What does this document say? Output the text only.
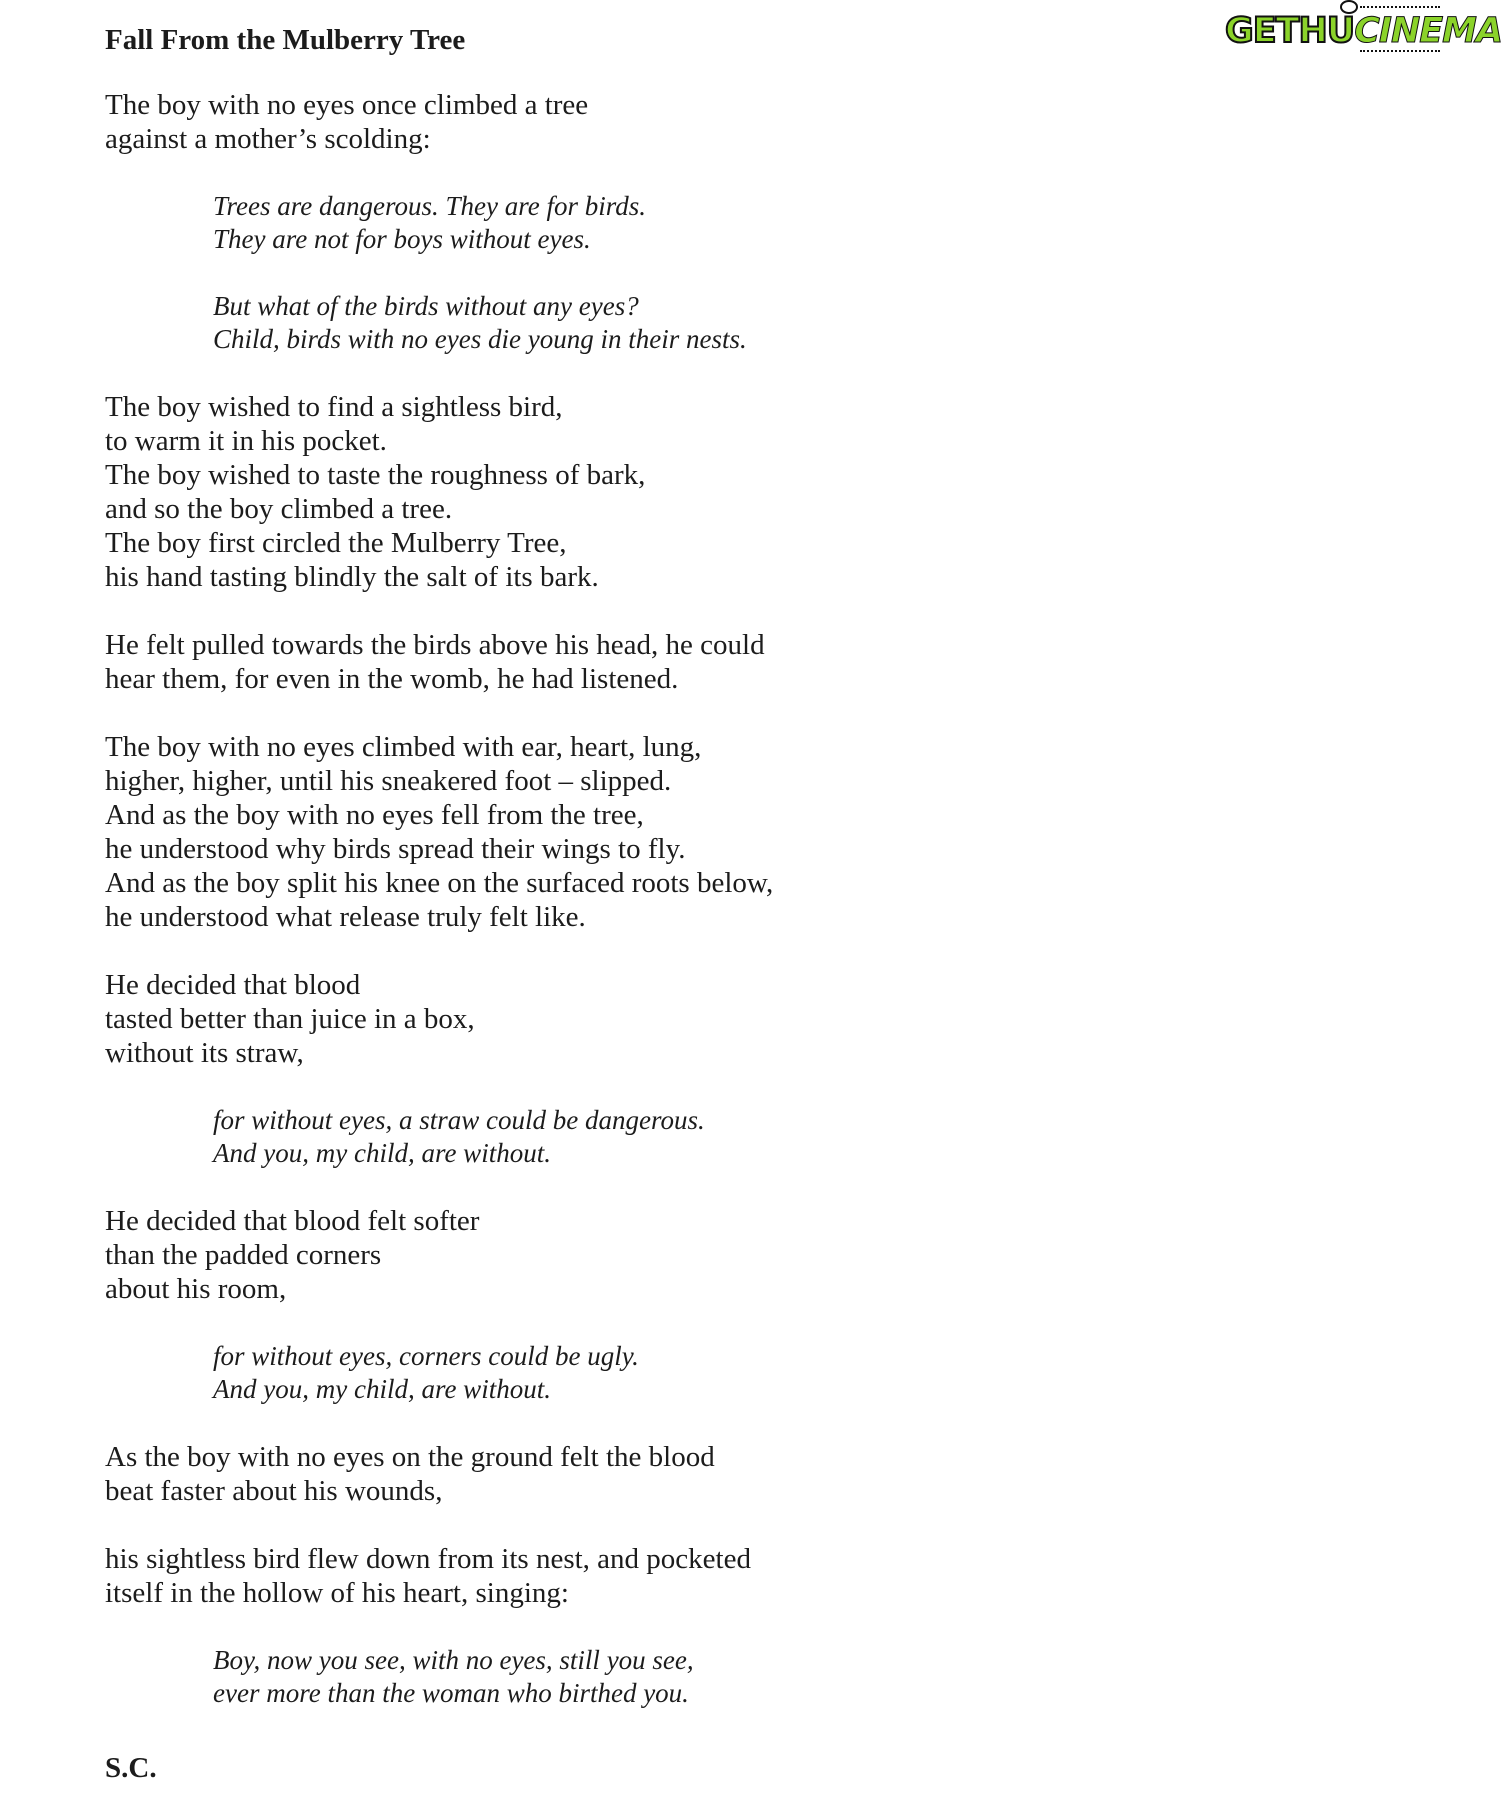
GETHUCINEMA
Fall From the Mulberry Tree
The boy with no eyes once climbed a tree
against a mother’s scolding:
Trees are dangerous. They are for birds.
They are not for boys without eyes.
But what of the birds without any eyes?
Child, birds with no eyes die young in their nests.
The boy wished to find a sightless bird,
to warm it in his pocket.
The boy wished to taste the roughness of bark,
and so the boy climbed a tree.
The boy first circled the Mulberry Tree,
his hand tasting blindly the salt of its bark.
He felt pulled towards the birds above his head, he could
hear them, for even in the womb, he had listened.
The boy with no eyes climbed with ear, heart, lung,
higher, higher, until his sneakered foot – slipped.
And as the boy with no eyes fell from the tree,
he understood why birds spread their wings to fly.
And as the boy split his knee on the surfaced roots below,
he understood what release truly felt like.
He decided that blood
tasted better than juice in a box,
without its straw,
for without eyes, a straw could be dangerous.
And you, my child, are without.
He decided that blood felt softer
than the padded corners
about his room,
for without eyes, corners could be ugly.
And you, my child, are without.
As the boy with no eyes on the ground felt the blood
beat faster about his wounds,
his sightless bird flew down from its nest, and pocketed
itself in the hollow of his heart, singing:
Boy, now you see, with no eyes, still you see,
ever more than the woman who birthed you.
S.C.
